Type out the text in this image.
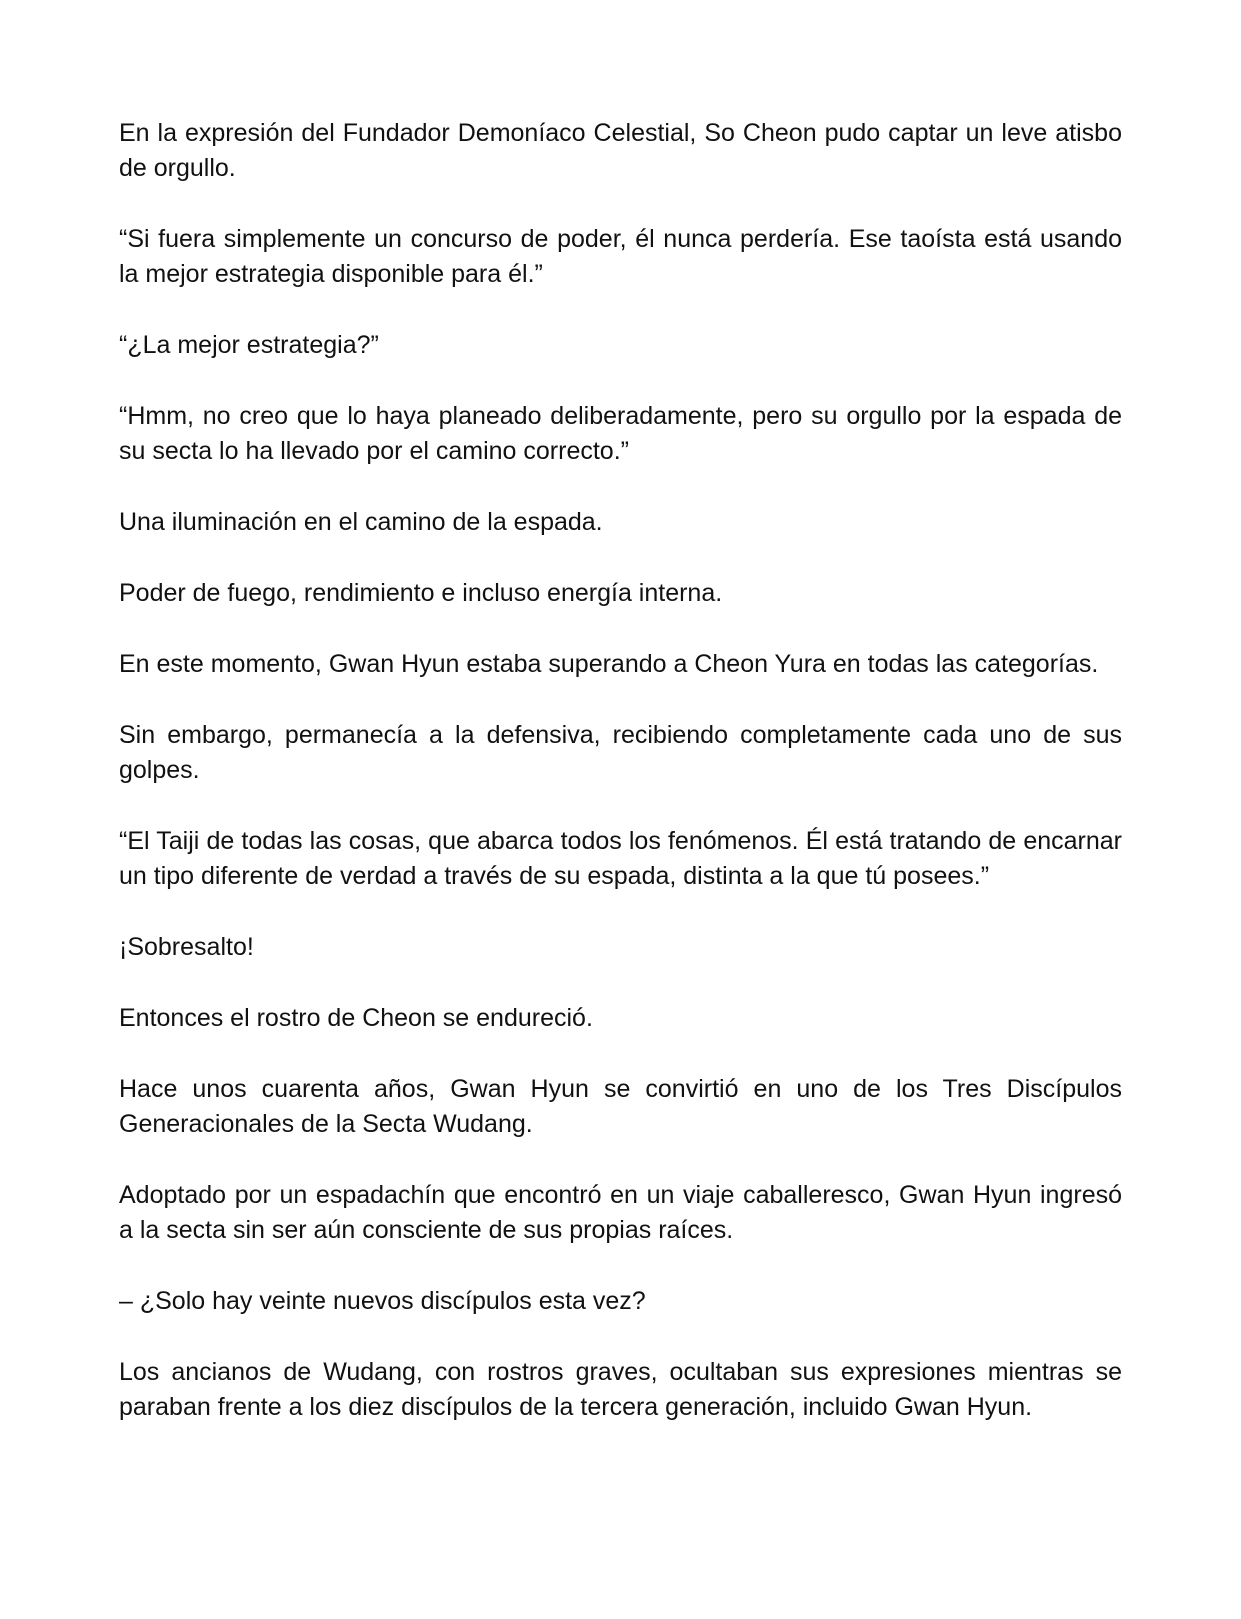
En la expresión del Fundador Demoníaco Celestial, So Cheon pudo captar un leve atisbo de orgullo.

“Si fuera simplemente un concurso de poder, él nunca perdería. Ese taoísta está usando la mejor estrategia disponible para él.”

“¿La mejor estrategia?”

“Hmm, no creo que lo haya planeado deliberadamente, pero su orgullo por la espada de su secta lo ha llevado por el camino correcto.”

Una iluminación en el camino de la espada.

Poder de fuego, rendimiento e incluso energía interna.

En este momento, Gwan Hyun estaba superando a Cheon Yura en todas las categorías.

Sin embargo, permanecía a la defensiva, recibiendo completamente cada uno de sus golpes.

“El Taiji de todas las cosas, que abarca todos los fenómenos. Él está tratando de encarnar un tipo diferente de verdad a través de su espada, distinta a la que tú posees.”

¡Sobresalto!

Entonces el rostro de Cheon se endureció.

Hace unos cuarenta años, Gwan Hyun se convirtió en uno de los Tres Discípulos Generacionales de la Secta Wudang.

Adoptado por un espadachín que encontró en un viaje caballeresco, Gwan Hyun ingresó a la secta sin ser aún consciente de sus propias raíces.

– ¿Solo hay veinte nuevos discípulos esta vez?

Los ancianos de Wudang, con rostros graves, ocultaban sus expresiones mientras se paraban frente a los diez discípulos de la tercera generación, incluido Gwan Hyun.
